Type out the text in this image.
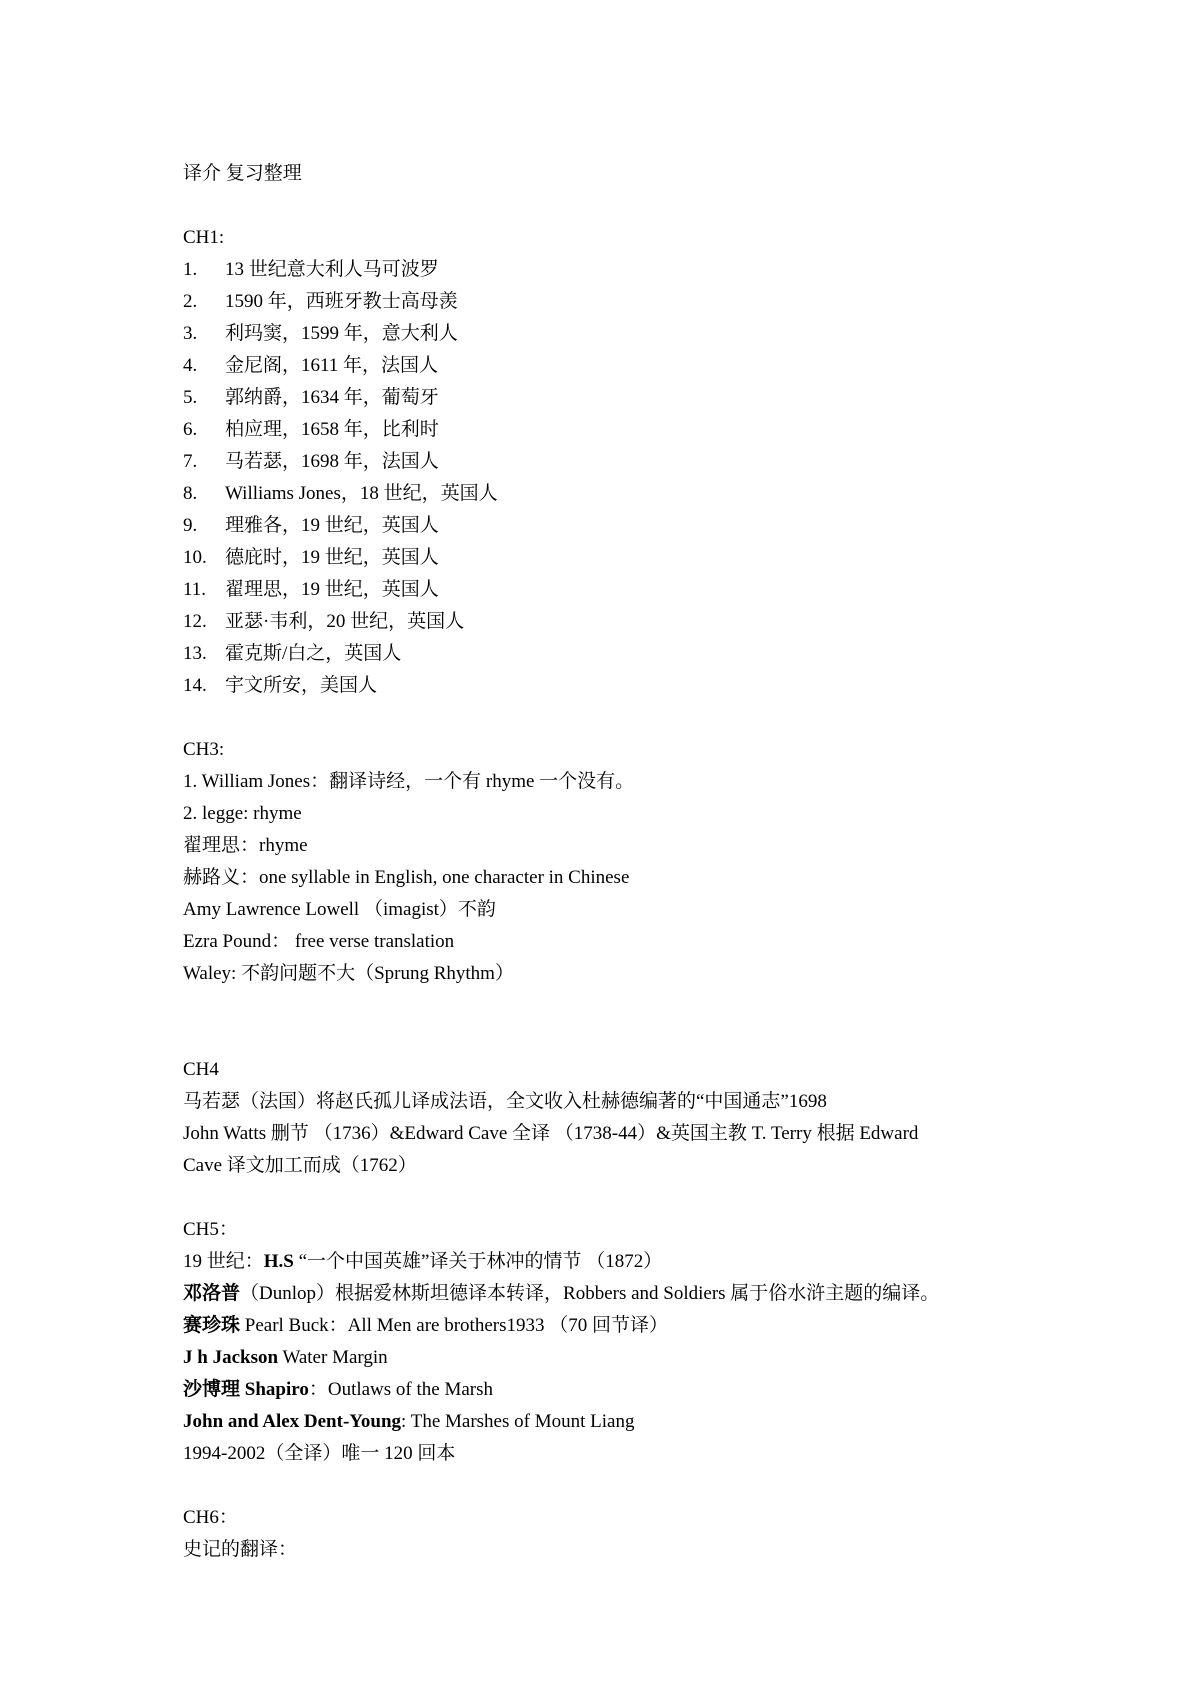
译介 复习整理
CH1:
1. 13 世纪意大利人马可波罗
2. 1590 年，西班牙教士高母羡
3. 利玛窦，1599 年，意大利人
4. 金尼阁，1611 年，法国人
5. 郭纳爵，1634 年，葡萄牙
6. 柏应理，1658 年，比利时
7. 马若瑟，1698 年，法国人
8. Williams Jones，18 世纪，英国人
9. 理雅各，19 世纪，英国人
10. 德庇时，19 世纪，英国人
11. 翟理思，19 世纪，英国人
12. 亚瑟·韦利，20 世纪，英国人
13. 霍克斯/白之，英国人
14. 宇文所安，美国人
CH3:
1. William Jones：翻译诗经，一个有 rhyme 一个没有。
2. legge: rhyme
翟理思：rhyme
赫路义：one syllable in English, one character in Chinese
Amy Lawrence Lowell （imagist）不韵
Ezra Pound： free verse translation
Waley: 不韵问题不大（Sprung Rhythm）
CH4
马若瑟（法国）将赵氏孤儿译成法语，全文收入杜赫德编著的“中国通志”1698
John Watts 删节 （1736）&Edward Cave 全译 （1738-44）&英国主教 T. Terry 根据 Edward
Cave 译文加工而成（1762）
CH5：
19 世纪：H.S “一个中国英雄”译关于林冲的情节 （1872）
邓洛普（Dunlop）根据爱林斯坦德译本转译，Robbers and Soldiers 属于俗水浒主题的编译。
赛珍珠 Pearl Buck：All Men are brothers1933 （70 回节译）
J h Jackson Water Margin
沙博理 Shapiro：Outlaws of the Marsh
John and Alex Dent-Young: The Marshes of Mount Liang
1994-2002（全译）唯一 120 回本
CH6：
史记的翻译：
